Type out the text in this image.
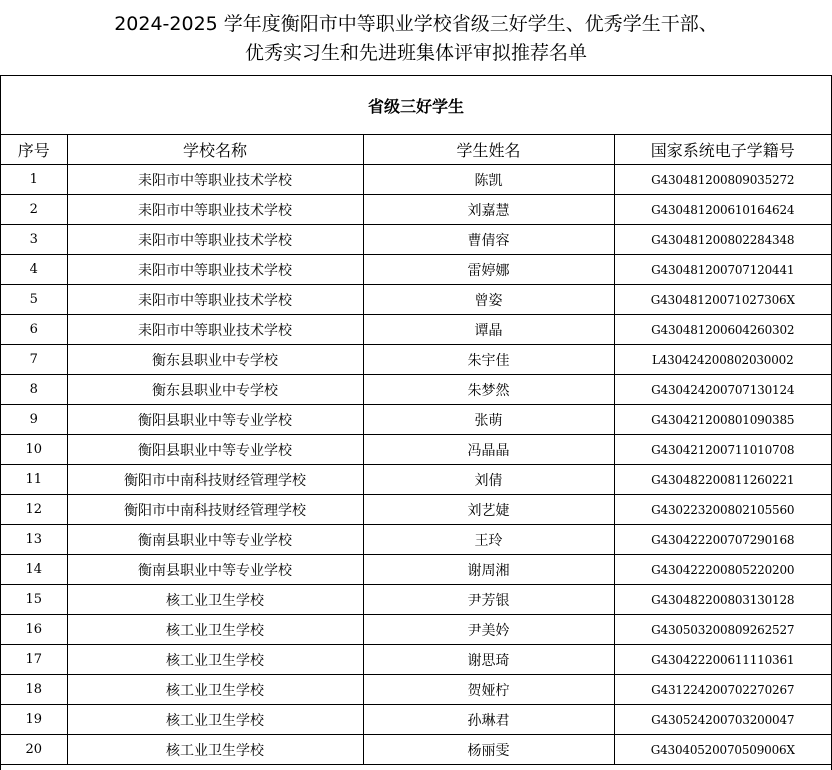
2024-2025 学年度衡阳市中等职业学校省级三好学生、优秀学生干部、
优秀实习生和先进班集体评审拟推荐名单
省级三好学生			
序号	学校名称	学生姓名	国家系统电子学籍号
1	耒阳市中等职业技术学校	陈凯	G430481200809035272
2	耒阳市中等职业技术学校	刘嘉慧	G430481200610164624
3	耒阳市中等职业技术学校	曹倩容	G430481200802284348
4	耒阳市中等职业技术学校	雷婷娜	G430481200707120441
5	耒阳市中等职业技术学校	曾姿	G43048120071027306X
6	耒阳市中等职业技术学校	谭晶	G430481200604260302
7	衡东县职业中专学校	朱宇佳	L430424200802030002
8	衡东县职业中专学校	朱梦然	G430424200707130124
9	衡阳县职业中等专业学校	张萌	G430421200801090385
10	衡阳县职业中等专业学校	冯晶晶	G430421200711010708
11	衡阳市中南科技财经管理学校	刘倩	G430482200811260221
12	衡阳市中南科技财经管理学校	刘艺婕	G430223200802105560
13	衡南县职业中等专业学校	王玲	G430422200707290168
14	衡南县职业中等专业学校	谢周湘	G430422200805220200
15	核工业卫生学校	尹芳银	G430482200803130128
16	核工业卫生学校	尹美妗	G430503200809262527
17	核工业卫生学校	谢思琦	G430422200611110361
18	核工业卫生学校	贺娅柠	G431224200702270267
19	核工业卫生学校	孙琳君	G430524200703200047
20	核工业卫生学校	杨丽雯	G43040520070509006X
